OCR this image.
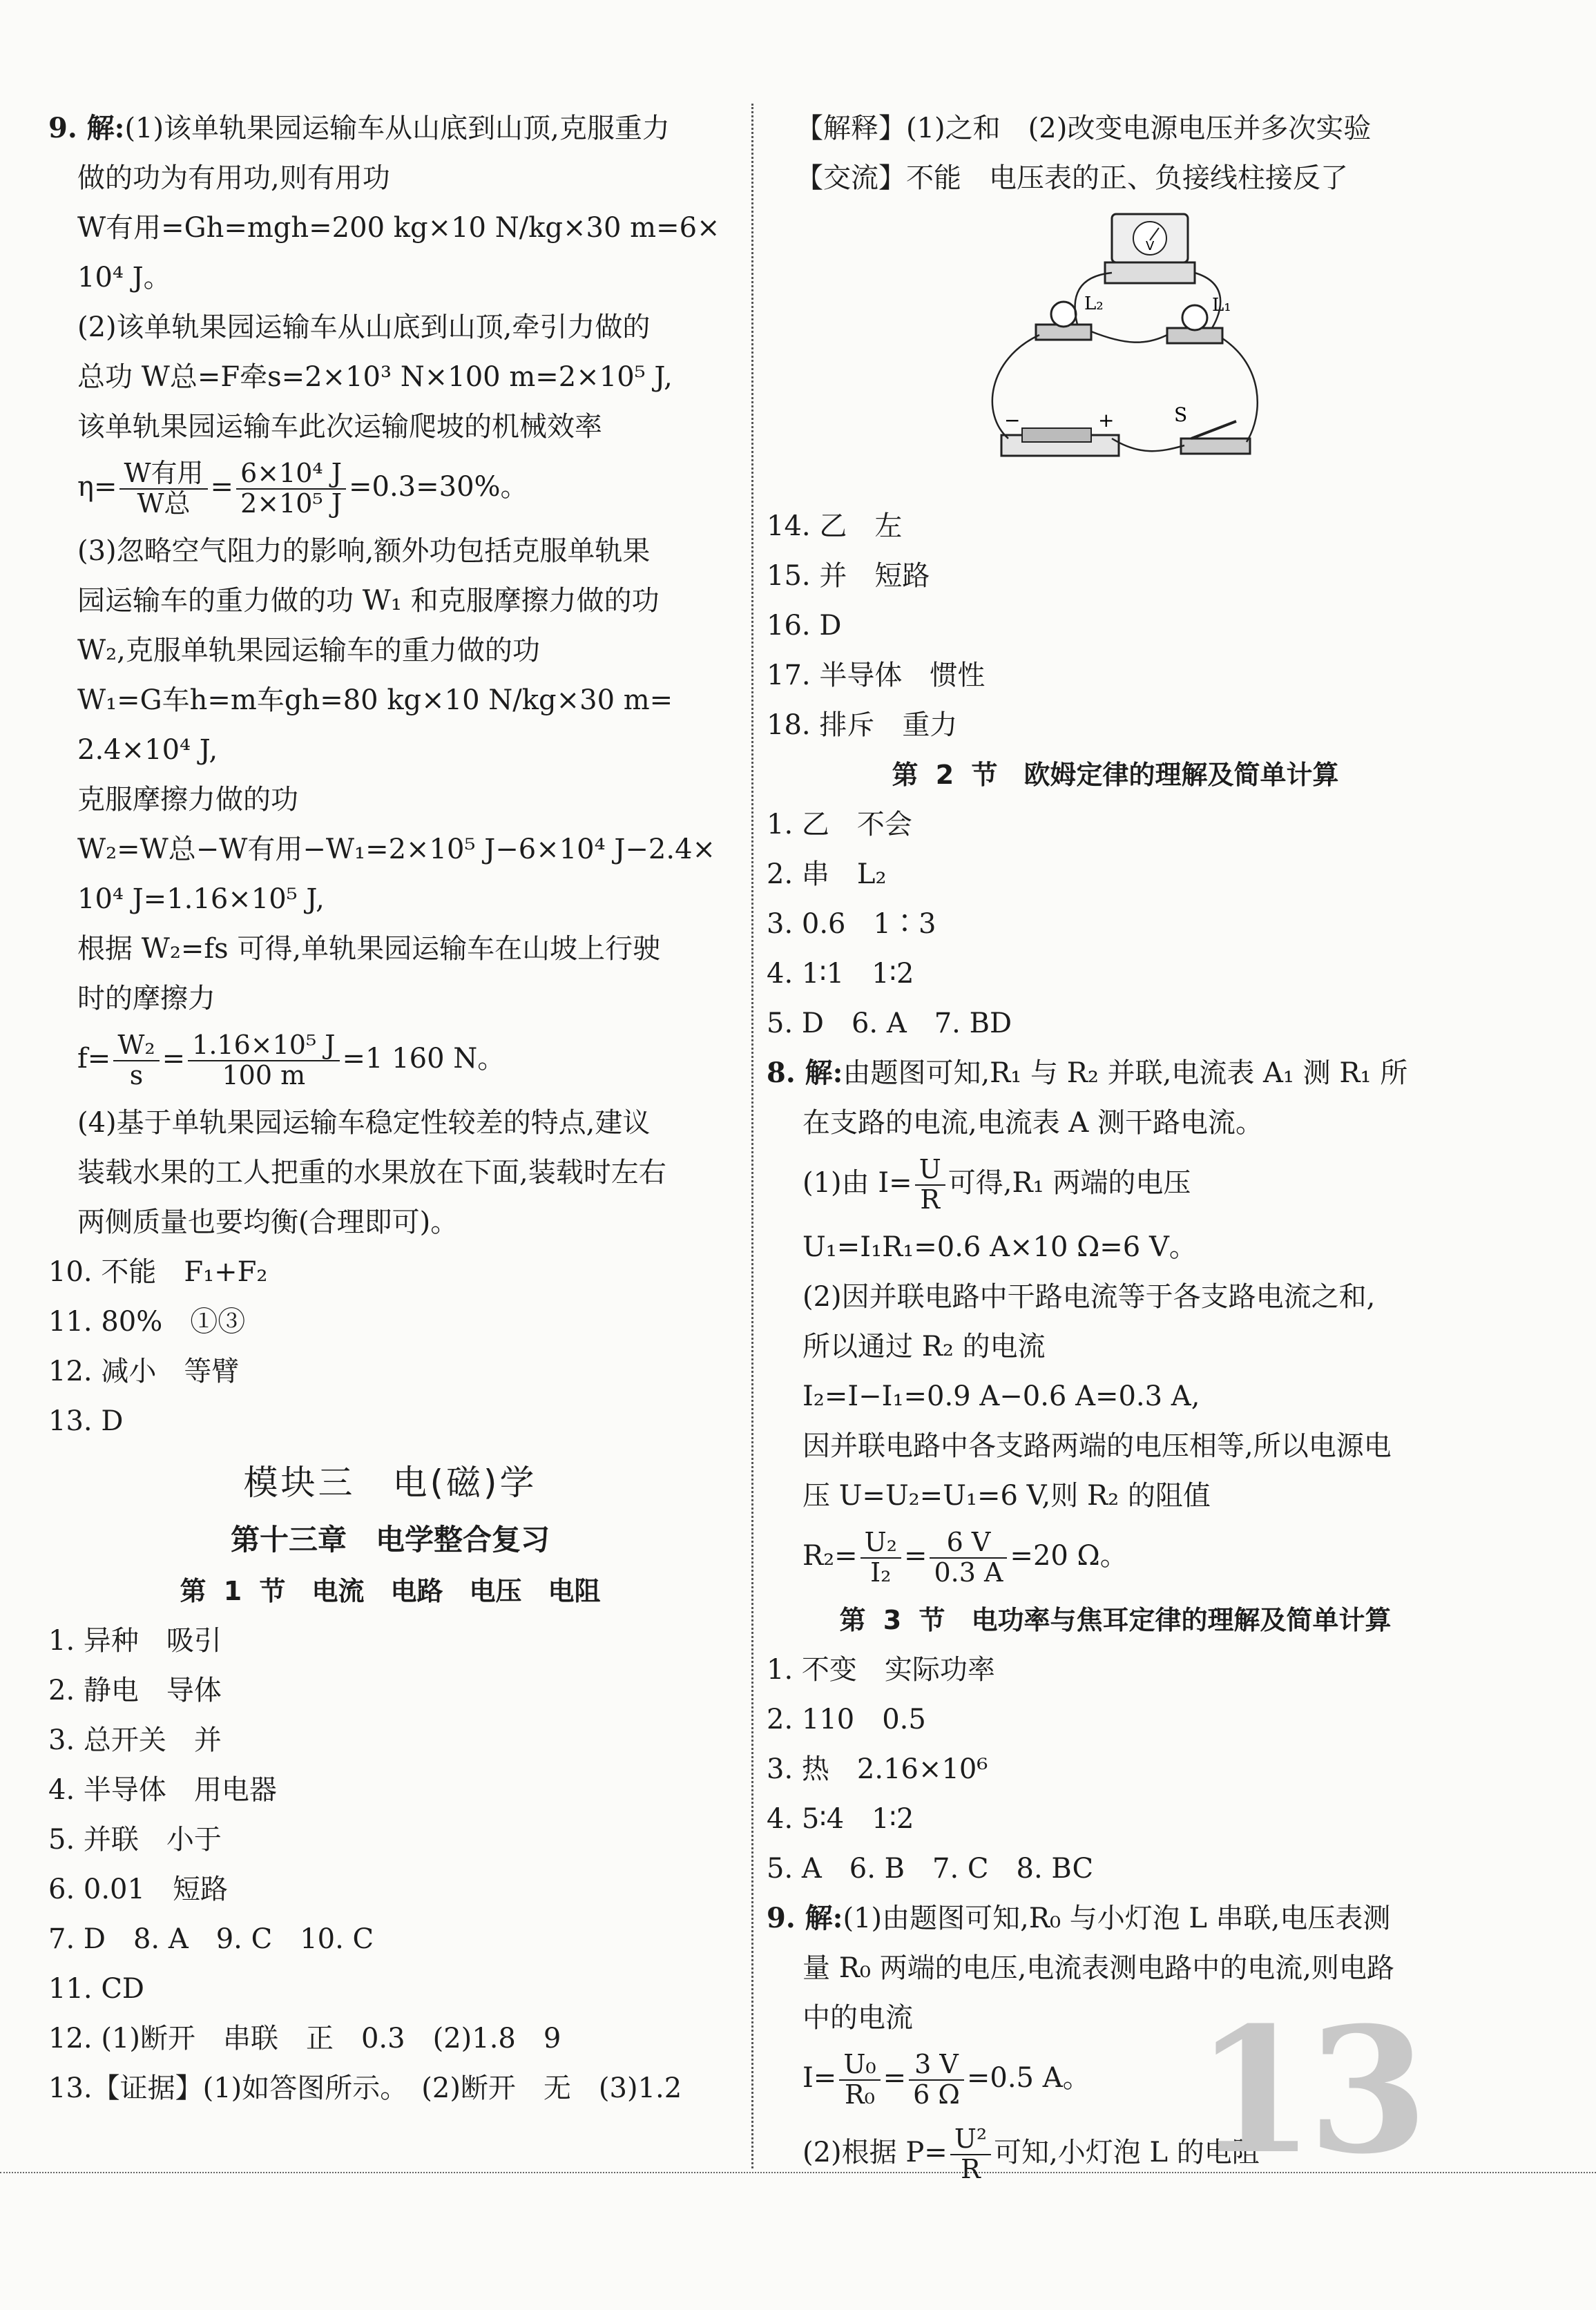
9. 解:(1)该单轨果园运输车从山底到山顶,克服重力

做的功为有用功,则有用功

W有用=Gh=mgh=200 kg×10 N/kg×30 m=6×

10⁴ J。

(2)该单轨果园运输车从山底到山顶,牵引力做的

总功 W总=F牵s=2×10³ N×100 m=2×10⁵ J,

该单轨果园运输车此次运输爬坡的机械效率

$\eta= \frac{\text{W有用}}{\text{W总}} = \frac{\text{6×10⁴ J}}{\text{2×10⁵ J}} =0.3=30\%$。

(3)忽略空气阻力的影响,额外功包括克服单轨果

园运输车的重力做的功 W₁ 和克服摩擦力做的功

W₂,克服单轨果园运输车的重力做的功

W₁=G车h=m车gh=80 kg×10 N/kg×30 m=

2.4×10⁴ J,

克服摩擦力做的功

W₂=W总−W有用−W₁=2×10⁵ J−6×10⁴ J−2.4×

10⁴ J=1.16×10⁵ J,

根据 W₂=fs 可得,单轨果园运输车在山坡上行驶

时的摩擦力

$f= \frac{\text{W₂}}{s} = \frac{\text{1.16×10⁵ J}}{100 m} =1$ 160 N。

(4)基于单轨果园运输车稳定性较差的特点,建议

装载水果的工人把重的水果放在下面,装载时左右

两侧质量也要均衡(合理即可)。

10. 不能　F₁+F₂

11. 80%　①③

12. 减小　等臂

13. D

模块三　电(磁)学
第十三章　电学整合复习
第 1 节　电流　电路　电压　电阻

1. 异种　吸引

2. 静电　导体

3. 总开关　并

4. 半导体　用电器

5. 并联　小于

6. 0.01　短路

7. D　8. A　9. C　10. C

11. CD

12. (1)断开　串联　正　0.3　(2)1.8　9

13.【证据】(1)如答图所示。　(2)断开　无　(3)1.2

【解释】(1)之和　(2)改变电源电压并多次实验

【交流】不能　电压表的正、负接线柱接反了

V
L₂	L₁
−	+	S

14. 乙　左

15. 并　短路

16. D

17. 半导体　惯性

18. 排斥　重力

第 2 节　欧姆定律的理解及简单计算

1. 乙　不会

2. 串　L₂

3. 0.6　1∶3

4. 1∶1　1∶2

5. D　6. A　7. BD

8. 解:由题图可知,R₁ 与 R₂ 并联,电流表 A₁ 测 R₁ 所

在支路的电流,电流表 A 测干路电流。

(1)由 $I= \frac{U}{R}$ 可得,R₁ 两端的电压

U₁=I₁R₁=0.6 A×10 Ω=6 V。

(2)因并联电路中干路电流等于各支路电流之和,

所以通过 R₂ 的电流

I₂=I−I₁=0.9 A−0.6 A=0.3 A,

因并联电路中各支路两端的电压相等,所以电源电

压 U=U₂=U₁=6 V,则 R₂ 的阻值

$R_2= \frac{\text{U₂}}{\text{I₂}} = \frac{6 V}{0.3 A} =20$ Ω。

第 3 节　电功率与焦耳定律的理解及简单计算

1. 不变　实际功率

2. 110　0.5

3. 热　2.16×10⁶

4. 5∶4　1∶2

5. A　6. B　7. C　8. BC

9. 解:(1)由题图可知,R₀ 与小灯泡 L 串联,电压表测

量 R₀ 两端的电压,电流表测电路中的电流,则电路

中的电流

$I= \frac{\text{U₀}}{\text{R₀}} = \frac{3 V}{6 \Omega} =0.5$ A。

(2)根据 $P= \frac{\text{U²}}{R}$ 可知,小灯泡 L 的电阻

13
